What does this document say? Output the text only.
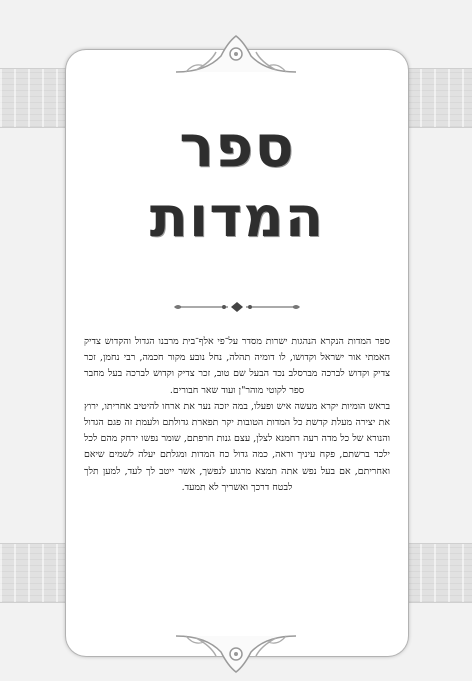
ספר
המדות

ספר המדות הנקרא הנהגות ישרות מסדר על־פי אלף־בית מרבנו הגדול והקדוש צדיק האמתי אור ישראל וקדושו, לו דומיה תהלה, נחל נובע מקור חכמה, רבי נחמן, זכר צדיק וקדוש לברכה מברסלב נכד הבעל שם טוב, זכר צדיק וקדוש לברכה בעל מחבר ספר לקוטי מוהר"ן ועוד שאר חבורים.

בראש הומיות יקרא מעשה איש ופעלו, במה יזכה נער את ארחו להיטיב אחריתו, ירוץ את יצירה מעלת קדשת כל המדות הטובות יקר תפארת גדולתם ולעמת זה פגם הגדול והנורא של כל מדה רעה רחמנא לצלן, עצם גנות חרפתם, שומר נפשו ירחק מהם לכל ילכד ברשתם, פקח עיניך וראה, כמה גדול כח המדות ומגלתם יעלה לשמים שיאם ואחריתם, אם בעל נפש אתה תמצא מרגוע לנפשך, אשר ייטב לך לעד, למען תלך לבטח דרכך ואשריך לא תמעד.
